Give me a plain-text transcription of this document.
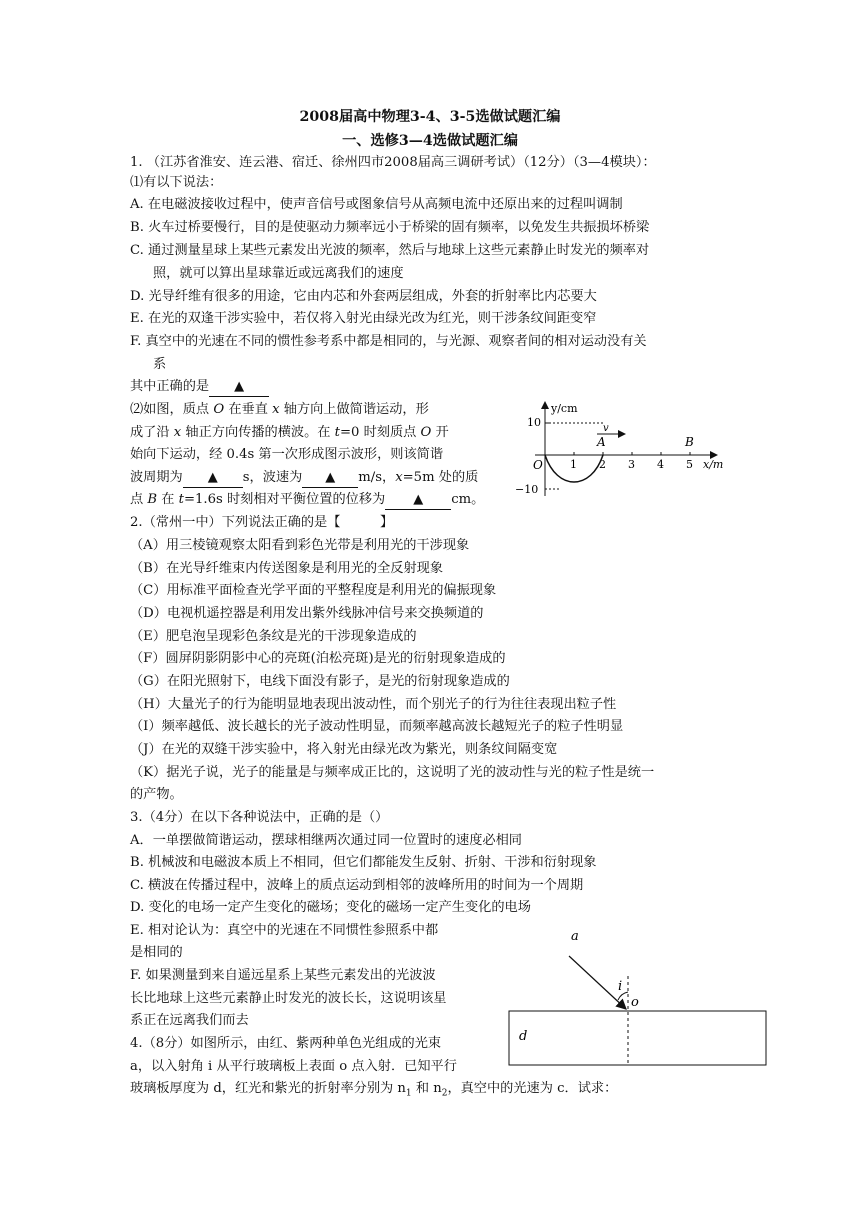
2008届高中物理3-4、3-5选做试题汇编
一、选修3—4选做试题汇编
1. （江苏省淮安、连云港、宿迁、徐州四市2008届高三调研考试）（12分）（3—4模块）：
⑴有以下说法：
A. 在电磁波接收过程中，使声音信号或图象信号从高频电流中还原出来的过程叫调制
B. 火车过桥要慢行，目的是使驱动力频率远小于桥梁的固有频率，以免发生共振损坏桥梁
C. 通过测量星球上某些元素发出光波的频率，然后与地球上这些元素静止时发光的频率对
照，就可以算出星球靠近或远离我们的速度
D. 光导纤维有很多的用途，它由内芯和外套两层组成，外套的折射率比内芯要大
E. 在光的双逢干涉实验中，若仅将入射光由绿光改为红光，则干涉条纹间距变窄
F. 真空中的光速在不同的惯性参考系中都是相同的，与光源、观察者间的相对运动没有关
系
其中正确的是 ▲
⑵如图，质点 O 在垂直 x 轴方向上做简谐运动，形
成了沿 x 轴正方向传播的横波。在 t=0 时刻质点 O 开
始向下运动，经 0.4s 第一次形成图示波形，则该简谐
波周期为 ▲ s，波速为 ▲ m/s，x=5m 处的质
点 B 在 t=1.6s 时刻相对平衡位置的位移为 ▲ cm。
y/cm
x/m
10
−10
O 1 2 3 4 5
A	B
v
2.（常州一中）下列说法正确的是【　　　】
（A）用三棱镜观察太阳看到彩色光带是利用光的干涉现象
（B）在光导纤维束内传送图象是利用光的全反射现象
（C）用标准平面检查光学平面的平整程度是利用光的偏振现象
（D）电视机遥控器是利用发出紫外线脉冲信号来交换频道的
（E）肥皂泡呈现彩色条纹是光的干涉现象造成的
（F）圆屏阴影阴影中心的亮斑(泊松亮斑)是光的衍射现象造成的
（G）在阳光照射下，电线下面没有影子，是光的衍射现象造成的
（H）大量光子的行为能明显地表现出波动性，而个别光子的行为往往表现出粒子性
（I）频率越低、波长越长的光子波动性明显，而频率越高波长越短光子的粒子性明显
（J）在光的双缝干涉实验中，将入射光由绿光改为紫光，则条纹间隔变宽
（K）据光子说，光子的能量是与频率成正比的，这说明了光的波动性与光的粒子性是统一
的产物。
3.（4分）在以下各种说法中，正确的是（）
A．一单摆做简谐运动，摆球相继两次通过同一位置时的速度必相同
B. 机械波和电磁波本质上不相同，但它们都能发生反射、折射、干涉和衍射现象
C. 横波在传播过程中，波峰上的质点运动到相邻的波峰所用的时间为一个周期
D. 变化的电场一定产生变化的磁场；变化的磁场一定产生变化的电场
E. 相对论认为：真空中的光速在不同惯性参照系中都
是相同的
F. 如果测量到来自遥远星系上某些元素发出的光波波
长比地球上这些元素静止时发光的波长长，这说明该星
系正在远离我们而去
4.（8分）如图所示，由红、紫两种单色光组成的光束
a，以入射角 i 从平行玻璃板上表面 o 点入射．已知平行
玻璃板厚度为 d，红光和紫光的折射率分别为 $n_1$ 和 $n_2$，真空中的光速为 c．试求：
a
i
o
d
